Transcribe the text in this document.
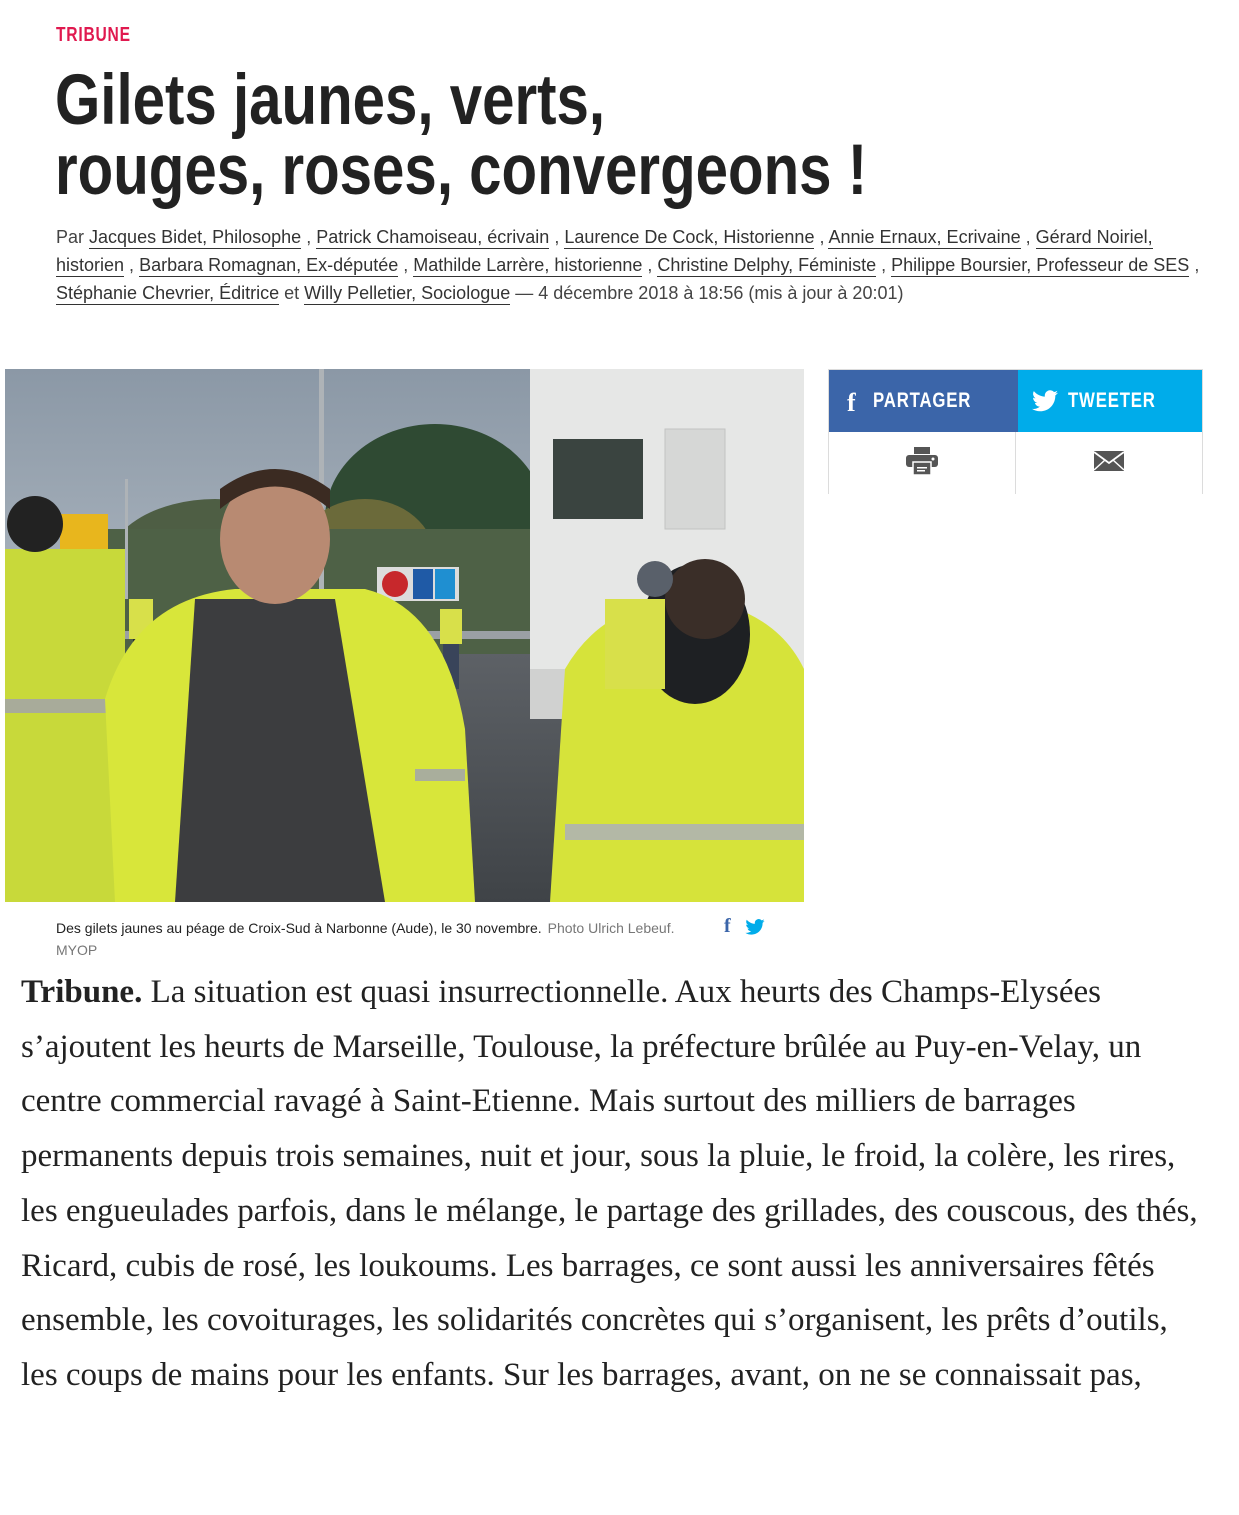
TRIBUNE
Gilets jaunes, verts,
rouges, roses, convergeons !
Par Jacques Bidet, Philosophe , Patrick Chamoiseau, écrivain , Laurence De Cock, Historienne , Annie Ernaux, Ecrivaine , Gérard Noiriel, historien , Barbara Romagnan, Ex-députée , Mathilde Larrère, historienne , Christine Delphy, Féministe , Philippe Boursier, Professeur de SES , Stéphanie Chevrier, Éditrice et Willy Pelletier, Sociologue — 4 décembre 2018 à 18:56 (mis à jour à 20:01)
f PARTAGER	TWEETER
Des gilets jaunes au péage de Croix-Sud à Narbonne (Aude), le 30 novembre. Photo Ulrich Lebeuf. MYOP
f

Tribune. La situation est quasi insurrectionnelle. Aux heurts des Champs-Elysées s’ajoutent les heurts de Marseille, Toulouse, la préfecture brûlée au Puy-en-Velay, un centre commercial ravagé à Saint-Etienne. Mais surtout des milliers de barrages permanents depuis trois semaines, nuit et jour, sous la pluie, le froid, la colère, les rires, les engueulades parfois, dans le mélange, le partage des grillades, des couscous, des thés, Ricard, cubis de rosé, les loukoums. Les barrages, ce sont aussi les anniversaires fêtés ensemble, les covoiturages, les solidarités concrètes qui s’organisent, les prêts d’outils, les coups de mains pour les enfants. Sur les barrages, avant, on ne se connaissait pas,
